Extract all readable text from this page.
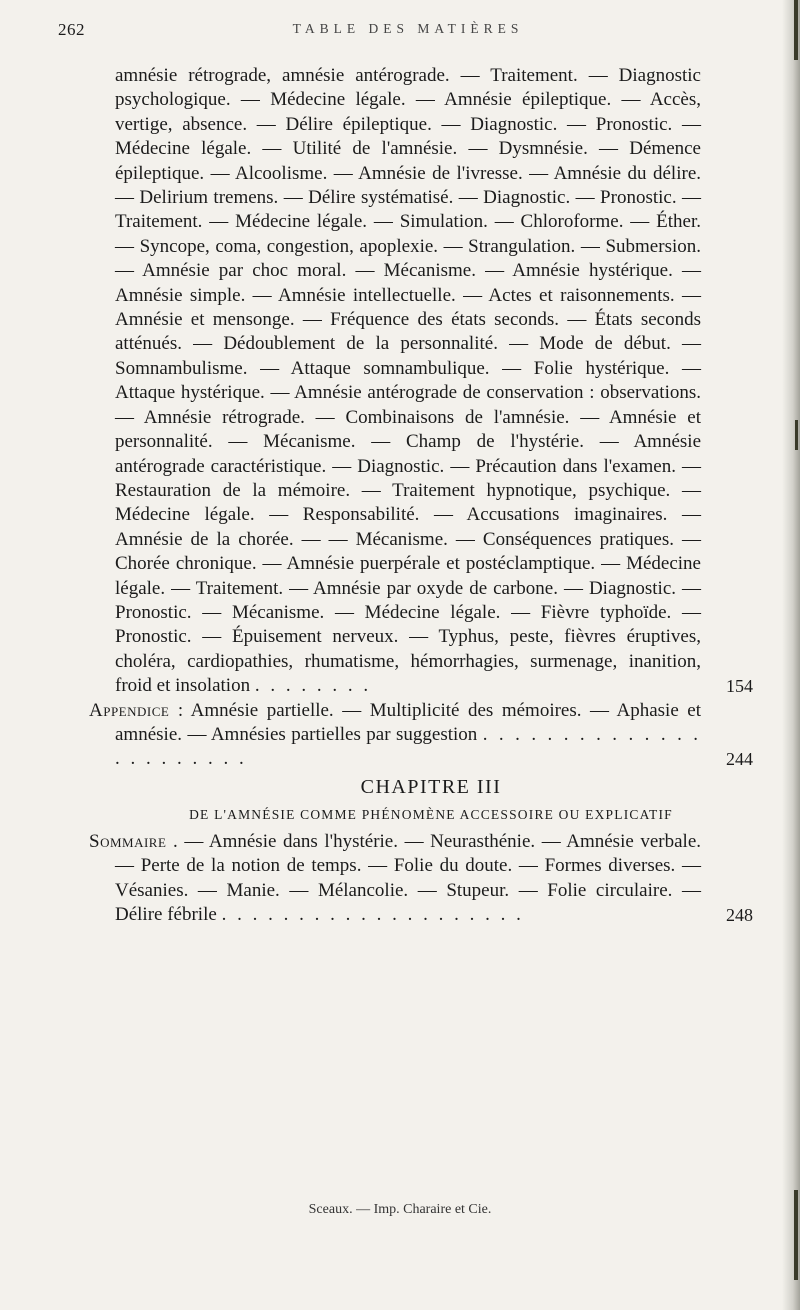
262	TABLE DES MATIÈRES

amnésie rétrograde, amnésie antérograde. — Traitement. — Diagnostic psychologique. — Médecine légale. — Amnésie épileptique. — Accès, vertige, absence. — Délire épileptique. — Diagnostic. — Pronostic. — Médecine légale. — Utilité de l'amnésie. — Dysmnésie. — Démence épileptique. — Alcoolisme. — Amnésie de l'ivresse. — Amnésie du délire. — Delirium tremens. — Délire systématisé. — Diagnostic. — Pronostic. — Traitement. — Médecine légale. — Simulation. — Chloroforme. — Éther. — Syncope, coma, congestion, apoplexie. — Strangulation. — Submersion. — Amnésie par choc moral. — Mécanisme. — Amnésie hystérique. — Amnésie simple. — Amnésie intellectuelle. — Actes et raisonnements. — Amnésie et mensonge. — Fréquence des états seconds. — États seconds atténués. — Dédoublement de la personnalité. — Mode de début. — Somnambulisme. — Attaque somnambulique. — Folie hystérique. — Attaque hystérique. — Amnésie antérograde de conservation : observations. — Amnésie rétrograde. — Combinaisons de l'amnésie. — Amnésie et personnalité. — Mécanisme. — Champ de l'hystérie. — Amnésie antérograde caractéristique. — Diagnostic. — Précaution dans l'examen. — Restauration de la mémoire. — Traitement hypnotique, psychique. — Médecine légale. — Responsabilité. — Accusations imaginaires. — Amnésie de la chorée. — — Mécanisme. — Conséquences pratiques. — Chorée chronique. — Amnésie puerpérale et postéclamptique. — Médecine légale. — Traitement. — Amnésie par oxyde de carbone. — Diagnostic. — Pronostic. — Mécanisme. — Médecine légale. — Fièvre typhoïde. — Pronostic. — Épuisement nerveux. — Typhus, peste, fièvres éruptives, choléra, cardiopathies, rhumatisme, hémorrhagies, surmenage, inanition, froid et insolation . . . . . . . .	154

Appendice : Amnésie partielle. — Multiplicité des mémoires. — Aphasie et amnésie. — Amnésies partielles par suggestion . . . . . . . . . . . . . . . . . . . . . . .	244

CHAPITRE III
DE L'AMNÉSIE COMME PHÉNOMÈNE ACCESSOIRE OU EXPLICATIF

Sommaire . — Amnésie dans l'hystérie. — Neurasthénie. — Amnésie verbale. — Perte de la notion de temps. — Folie du doute. — Formes diverses. — Vésanies. — Manie. — Mélancolie. — Stupeur. — Folie circulaire. — Délire fébrile . . . . . . . . . . . . . . . . . . . .	248

Sceaux. — Imp. Charaire et Cie.
